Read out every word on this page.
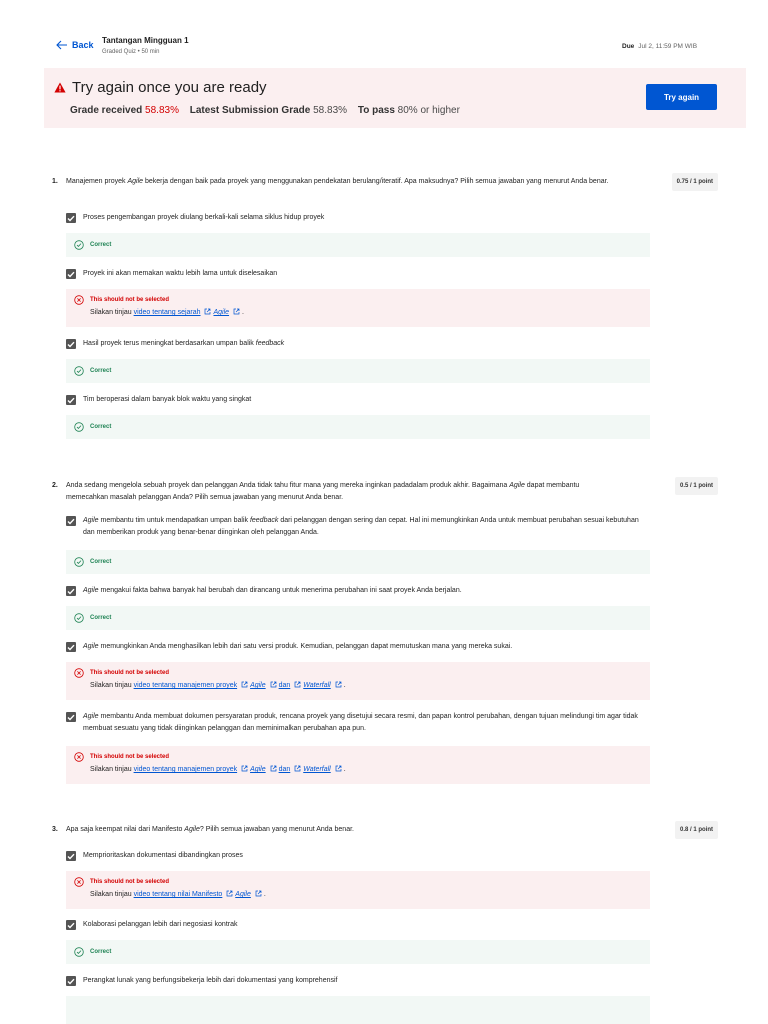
Back Tantangan Mingguan 1
Graded Quiz • 50 min
Due Jul 2, 11:59 PM WIB
Try again once you are ready
Grade received 58.83% Latest Submission Grade 58.83% To pass 80% or higher
Try again
1. Manajemen proyek Agile bekerja dengan baik pada proyek yang menggunakan pendekatan berulang/iteratif. Apa maksudnya? Pilih semua jawaban yang menurut Anda benar.	0.75 / 1 point
Proses pengembangan proyek diulang berkali-kali selama siklus hidup proyek
Correct
Proyek ini akan memakan waktu lebih lama untuk diselesaikan
This should not be selected
Silakan tinjau video tentang sejarah Agile .
Hasil proyek terus meningkat berdasarkan umpan balik feedback
Correct
Tim beroperasi dalam banyak blok waktu yang singkat
Correct
2. Anda sedang mengelola sebuah proyek dan pelanggan Anda tidak tahu fitur mana yang mereka inginkan padadalam produk akhir. Bagaimana Agile dapat membantu memecahkan masalah pelanggan Anda? Pilih semua jawaban yang menurut Anda benar.
0.5 / 1 point
Agile membantu tim untuk mendapatkan umpan balik feedback dari pelanggan dengan sering dan cepat. Hal ini memungkinkan Anda untuk membuat perubahan sesuai kebutuhan dan memberikan produk yang benar-benar diinginkan oleh pelanggan Anda.
Correct
Agile mengakui fakta bahwa banyak hal berubah dan dirancang untuk menerima perubahan ini saat proyek Anda berjalan.
Correct
Agile memungkinkan Anda menghasilkan lebih dari satu versi produk. Kemudian, pelanggan dapat memutuskan mana yang mereka sukai.
This should not be selected
Silakan tinjau video tentang manajemen proyek Agile dan Waterfall .
Agile membantu Anda membuat dokumen persyaratan produk, rencana proyek yang disetujui secara resmi, dan papan kontrol perubahan, dengan tujuan melindungi tim agar tidak membuat sesuatu yang tidak diinginkan pelanggan dan meminimalkan perubahan apa pun.
This should not be selected
Silakan tinjau video tentang manajemen proyek Agile dan Waterfall .
3. Apa saja keempat nilai dari Manifesto Agile? Pilih semua jawaban yang menurut Anda benar.	0.8 / 1 point
Memprioritaskan dokumentasi dibandingkan proses
This should not be selected
Silakan tinjau video tentang nilai Manifesto Agile .
Kolaborasi pelanggan lebih dari negosiasi kontrak
Correct
Perangkat lunak yang berfungsibekerja lebih dari dokumentasi yang komprehensif
